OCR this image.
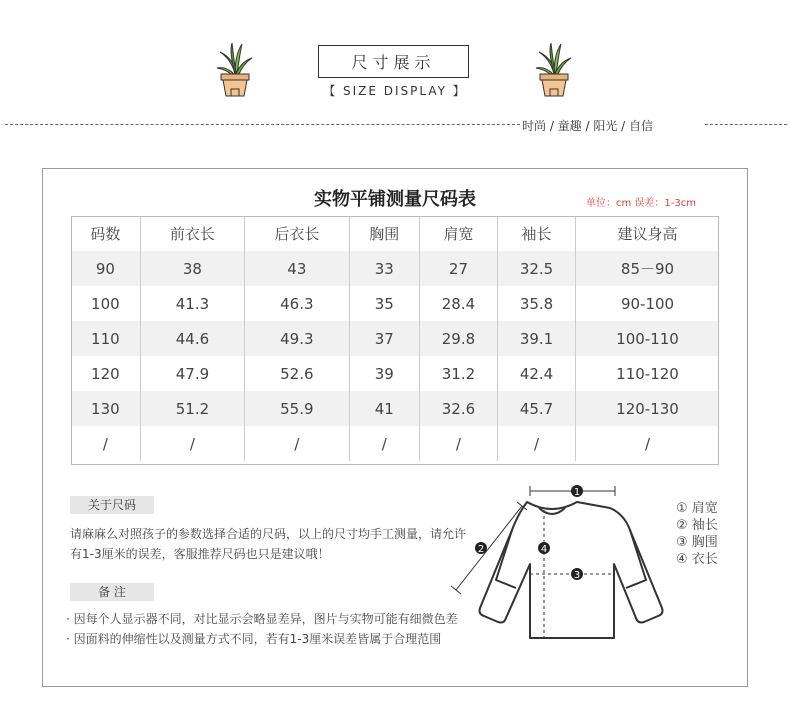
尺寸展示
【 SIZE DISPLAY 】
时尚 / 童趣 / 阳光 / 自信
实物平铺测量尺码表	单位：cm 误差：1-3cm
码数	前衣长	后衣长	胸围	肩宽	袖长	建议身高
90	38	43	33	27	32.5	85－90
100	41.3	46.3	35	28.4	35.8	90-100
110	44.6	49.3	37	29.8	39.1	100-110
120	47.9	52.6	39	31.2	42.4	110-120
130	51.2	55.9	41	32.6	45.7	120-130
/	/	/	/	/	/	/
关于尺码
请麻麻么对照孩子的参数选择合适的尺码，以上的尺寸均手工测量，请允许
有1-3厘米的误差，客服推荐尺码也只是建议哦！
备 注
· 因每个人显示器不同，对比显示会略显差异，图片与实物可能有细微色差
· 因面料的伸缩性以及测量方式不同，若有1-3厘米误差皆属于合理范围
1
2
3
4
① 肩宽
② 袖长
③ 胸围
④ 衣长
